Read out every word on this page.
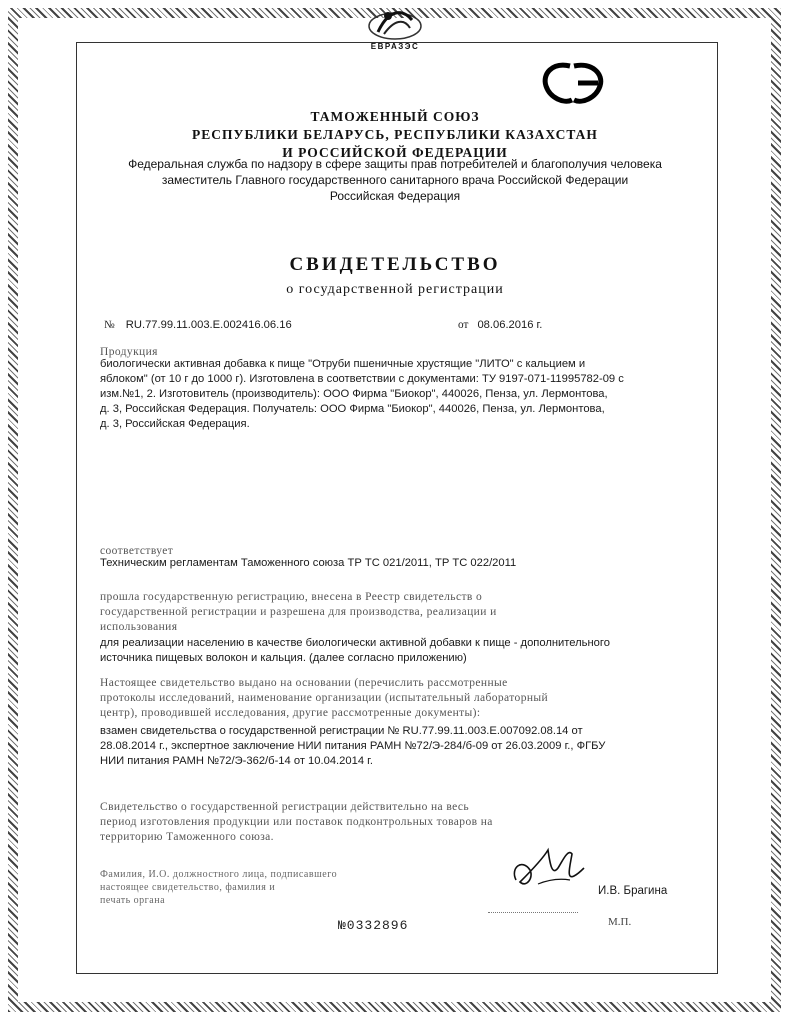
ЕВРАЗЭС
ТАМОЖЕННЫЙ СОЮЗ
РЕСПУБЛИКИ БЕЛАРУСЬ, РЕСПУБЛИКИ КАЗАХСТАН
И РОССИЙСКОЙ ФЕДЕРАЦИИ
Федеральная служба по надзору в сфере защиты прав потребителей и благополучия человека
заместитель Главного государственного санитарного врача Российской Федерации
Российская Федерация
СВИДЕТЕЛЬСТВО
о государственной регистрации
№ RU.77.99.11.003.Е.002416.06.16	от 08.06.2016 г.
Продукция
биологически активная добавка к пище "Отруби пшеничные хрустящие "ЛИТО" с кальцием и
яблоком" (от 10 г до 1000 г). Изготовлена в соответствии с документами: ТУ 9197-071-11995782-09 с
изм.№1, 2. Изготовитель (производитель): ООО Фирма "Биокор", 440026, Пенза, ул. Лермонтова,
д. 3, Российская Федерация. Получатель: ООО Фирма "Биокор", 440026, Пенза, ул. Лермонтова,
д. 3, Российская Федерация.
соответствует
Техническим регламентам Таможенного союза ТР ТС 021/2011, ТР ТС 022/2011
прошла государственную регистрацию, внесена в Реестр свидетельств о
государственной регистрации и разрешена для производства, реализации и
использования
для реализации населению в качестве биологически активной добавки к пище - дополнительного
источника пищевых волокон и кальция. (далее согласно приложению)
Настоящее свидетельство выдано на основании (перечислить рассмотренные
протоколы исследований, наименование организации (испытательный лабораторный
центр), проводившей исследования, другие рассмотренные документы):
взамен свидетельства о государственной регистрации № RU.77.99.11.003.Е.007092.08.14 от
28.08.2014 г., экспертное заключение НИИ питания РАМН №72/Э-284/б-09 от 26.03.2009 г., ФГБУ
НИИ питания РАМН №72/Э-362/б-14 от 10.04.2014 г.
Свидетельство о государственной регистрации действительно на весь
период изготовления продукции или поставок подконтрольных товаров на
территорию Таможенного союза.
Фамилия, И.О. должностного лица, подписавшего
настоящее свидетельство, фамилия и
печать органа
И.В. Брагина
М.П.
№0332896
